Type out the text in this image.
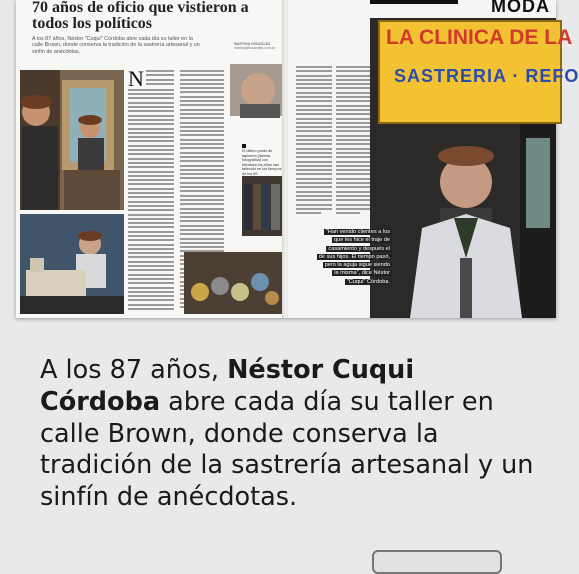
70 años de oficio que vistieron a todos los políticos

A los 87 años, Néstor "Cuqui" Córdoba abre cada día su taller en la calle Brown, donde conserva la tradición de la sastrería artesanal y un sinfín de anécdotas.

MARTINA GONZÁLEZ
martina@losandes.com.ar
N
El último punto de tapicería (lámina fotográfica) con fortaleza los años han fallecido en los tiempos de los 90.
MODA
LA CLINICA DE LA
SASTRERIA · REFO
"Han venido clientes a los
que les hice el traje de
casamiento y después el
de sus hijos. El tiempo pasó,
pero la aguja sigue siendo
la misma", dice Néstor
"Cuqui" Córdoba.

A los 87 años, Néstor Cuqui Córdoba abre cada día su taller en calle Brown, donde conserva la tradición de la sastrería artesanal y un sinfín de anécdotas.
